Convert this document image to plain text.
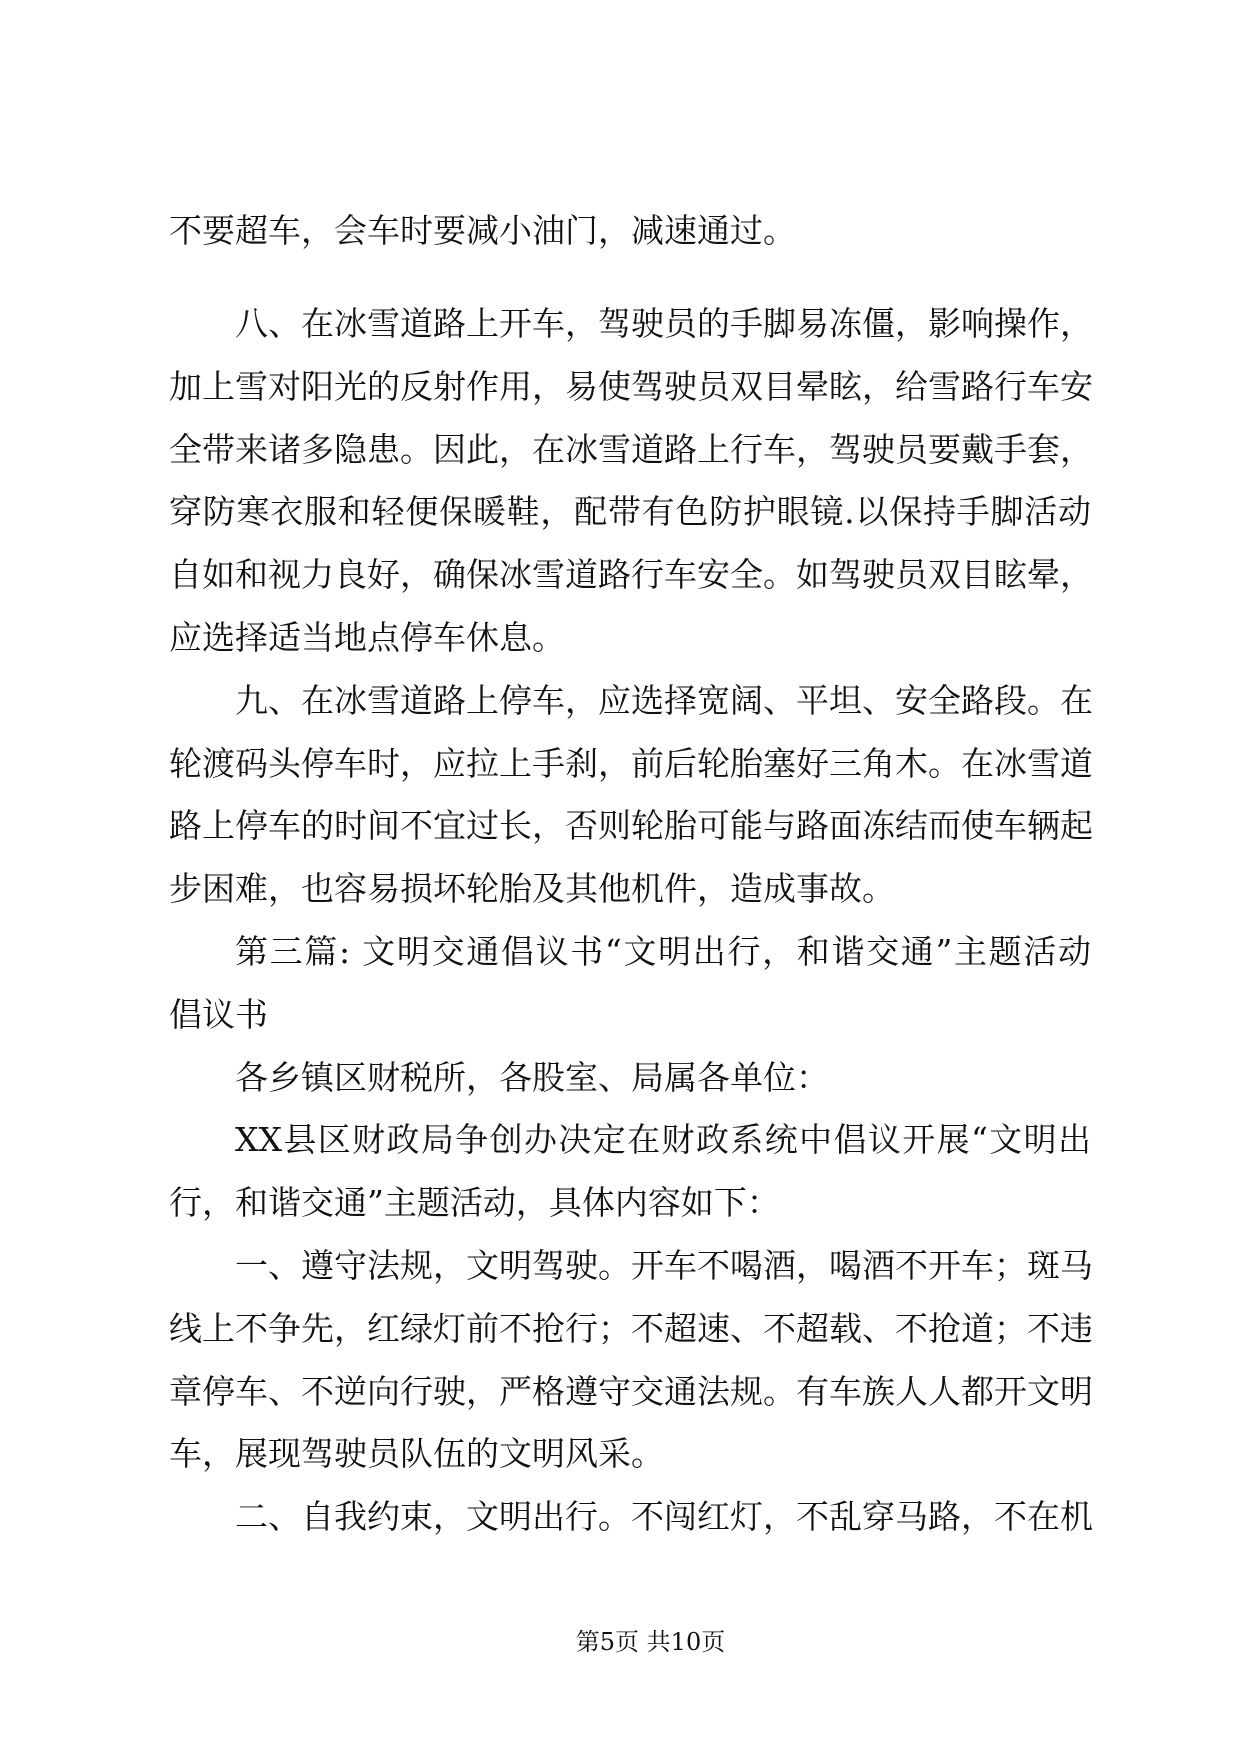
不要超车，会车时要减小油门，减速通过。
八、在冰雪道路上开车，驾驶员的手脚易冻僵，影响操作，
加上雪对阳光的反射作用，易使驾驶员双目晕眩，给雪路行车安
全带来诸多隐患。因此，在冰雪道路上行车，驾驶员要戴手套，
穿防寒衣服和轻便保暖鞋，配带有色防护眼镜.以保持手脚活动
自如和视力良好，确保冰雪道路行车安全。如驾驶员双目眩晕，
应选择适当地点停车休息。
九、在冰雪道路上停车，应选择宽阔、平坦、安全路段。在
轮渡码头停车时，应拉上手刹，前后轮胎塞好三角木。在冰雪道
路上停车的时间不宜过长，否则轮胎可能与路面冻结而使车辆起
步困难，也容易损坏轮胎及其他机件，造成事故。
第三篇: 文明交通倡议书“文明出行，和谐交通”主题活动
倡议书
各乡镇区财税所，各股室、局属各单位：
XX县区财政局争创办决定在财政系统中倡议开展“文明出
行，和谐交通”主题活动，具体内容如下：
一、遵守法规，文明驾驶。开车不喝酒，喝酒不开车；斑马
线上不争先，红绿灯前不抢行；不超速、不超载、不抢道；不违
章停车、不逆向行驶，严格遵守交通法规。有车族人人都开文明
车，展现驾驶员队伍的文明风采。
二、自我约束，文明出行。不闯红灯，不乱穿马路，不在机
第5页 共10页
